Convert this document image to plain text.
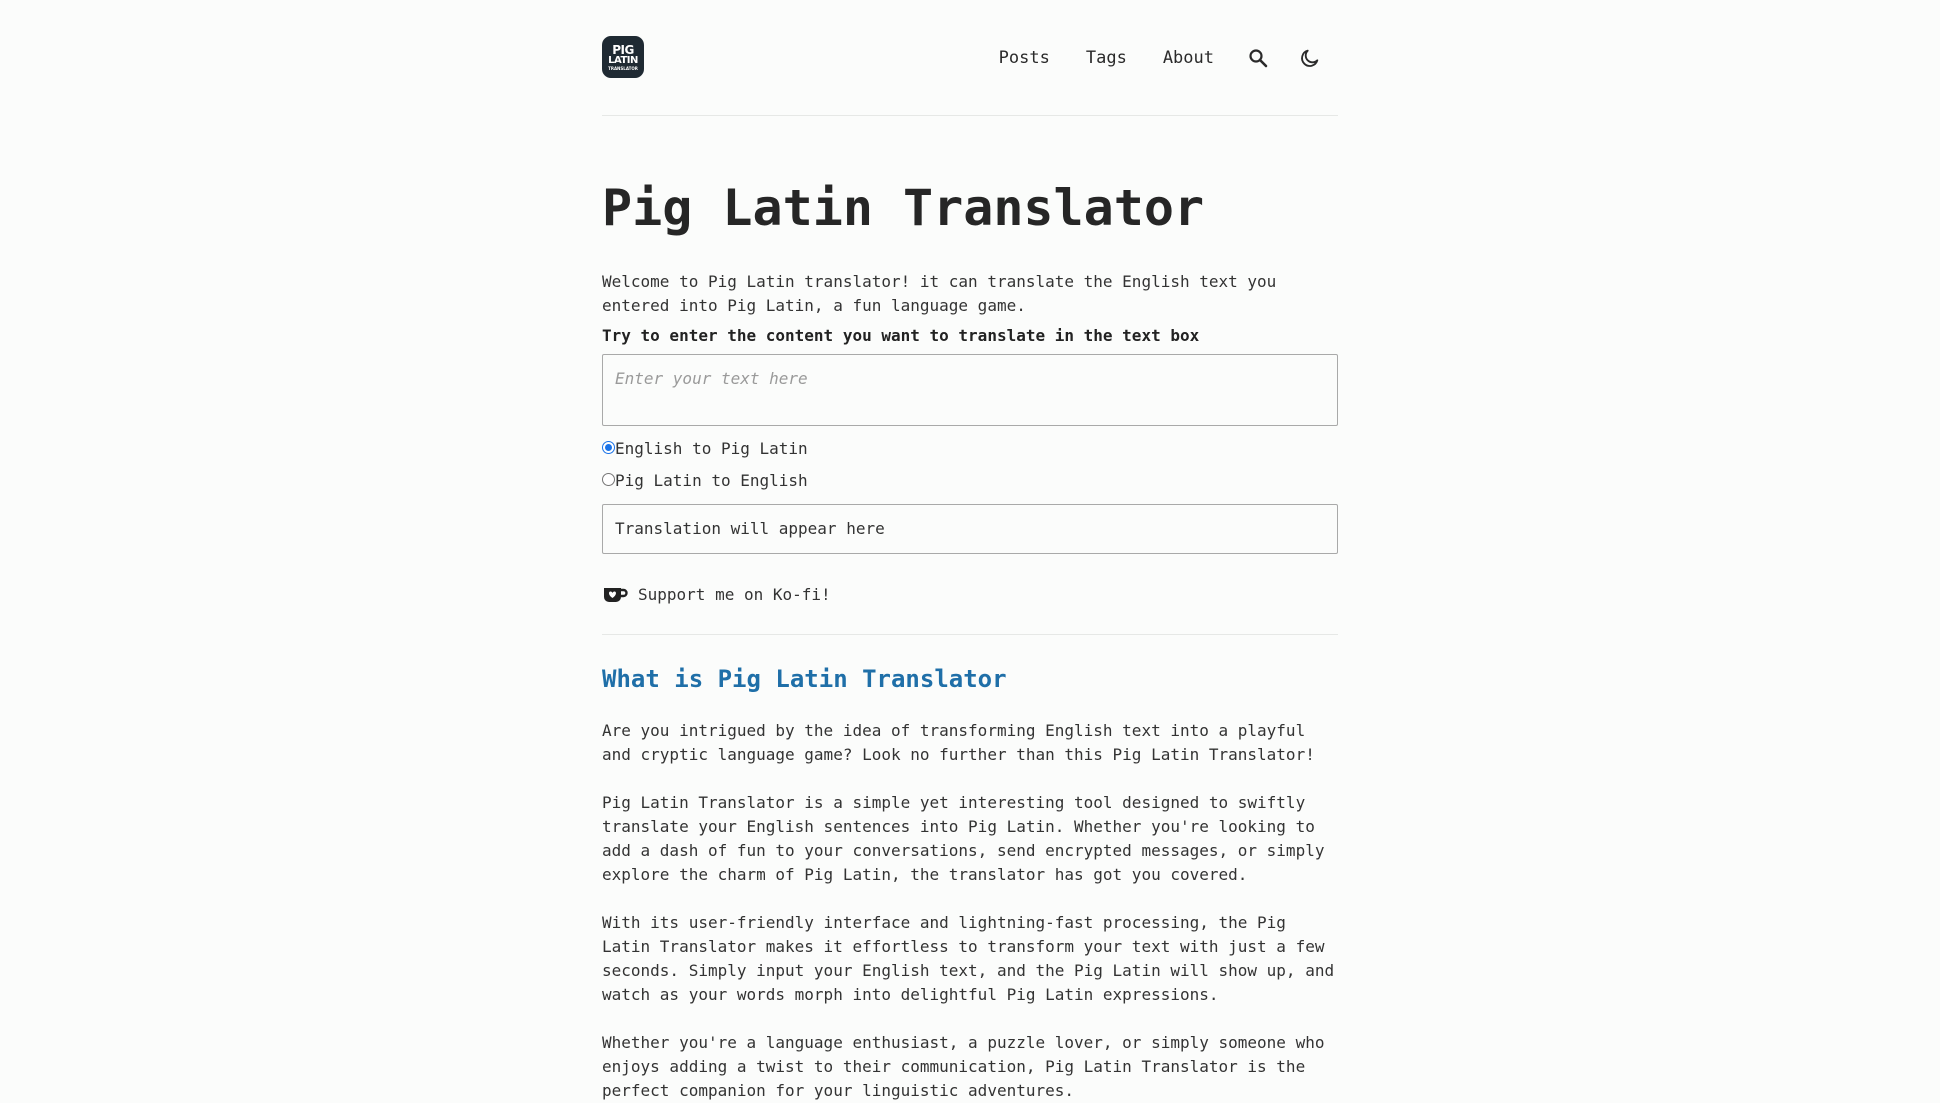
PIG
LATIN
TRANSLATOR	Posts Tags About
Pig Latin Translator

Welcome to Pig Latin translator! it can translate the English text you entered into Pig Latin, a fun language game.

Try to enter the content you want to translate in the text box

Enter your text here
English to Pig Latin
Pig Latin to English
Translation will appear here
Support me on Ko-fi!
What is Pig Latin Translator

Are you intrigued by the idea of transforming English text into a playful and cryptic language game? Look no further than this Pig Latin Translator!

Pig Latin Translator is a simple yet interesting tool designed to swiftly translate your English sentences into Pig Latin. Whether you're looking to add a dash of fun to your conversations, send encrypted messages, or simply explore the charm of Pig Latin, the translator has got you covered.

With its user-friendly interface and lightning-fast processing, the Pig Latin Translator makes it effortless to transform your text with just a few seconds. Simply input your English text, and the Pig Latin will show up, and watch as your words morph into delightful Pig Latin expressions.

Whether you're a language enthusiast, a puzzle lover, or simply someone who enjoys adding a twist to their communication, Pig Latin Translator is the perfect companion for your linguistic adventures.
